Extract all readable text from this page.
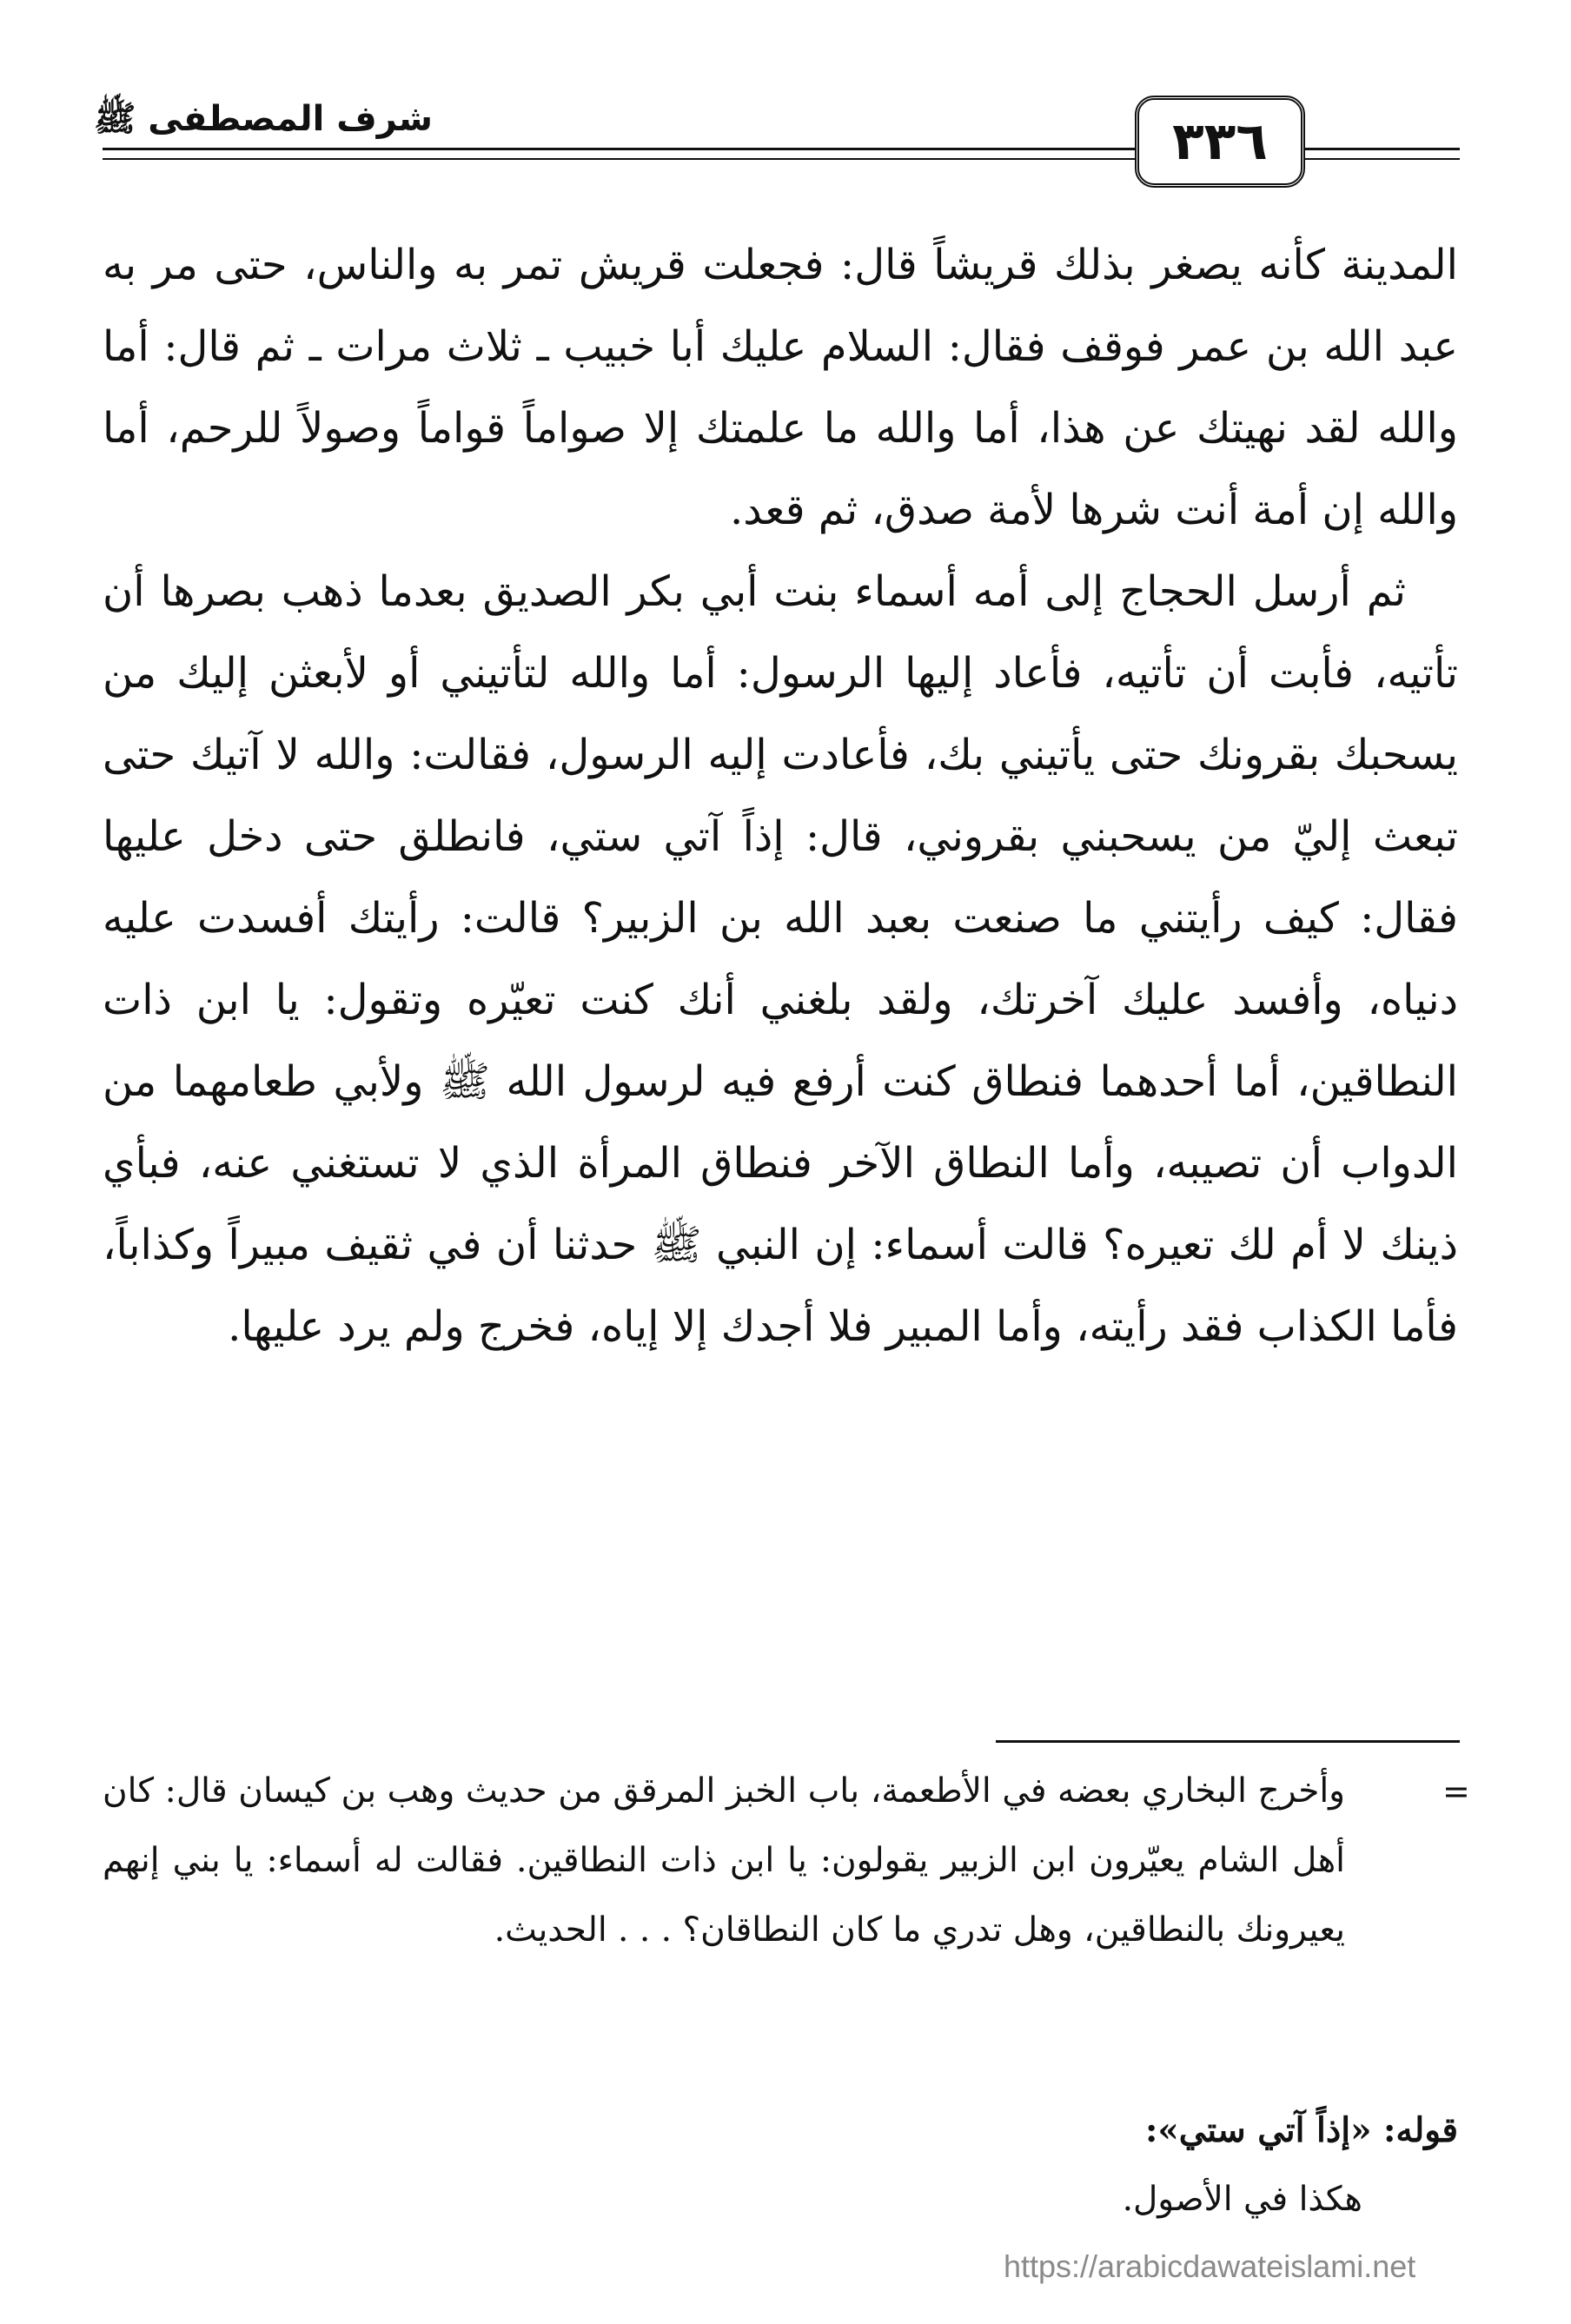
شرف المصطفى ﷺ	٣٣٦

المدينة كأنه يصغر بذلك قريشاً قال: فجعلت قريش تمر به والناس، حتى مر به عبد الله بن عمر فوقف فقال: السلام عليك أبا خبيب ـ ثلاث مرات ـ ثم قال: أما والله لقد نهيتك عن هذا، أما والله ما علمتك إلا صواماً قواماً وصولاً للرحم، أما والله إن أمة أنت شرها لأمة صدق، ثم قعد.

ثم أرسل الحجاج إلى أمه أسماء بنت أبي بكر الصديق بعدما ذهب بصرها أن تأتيه، فأبت أن تأتيه، فأعاد إليها الرسول: أما والله لتأتيني أو لأبعثن إليك من يسحبك بقرونك حتى يأتيني بك، فأعادت إليه الرسول، فقالت: والله لا آتيك حتى تبعث إليّ من يسحبني بقروني، قال: إذاً آتي ستي، فانطلق حتى دخل عليها فقال: كيف رأيتني ما صنعت بعبد الله بن الزبير؟ قالت: رأيتك أفسدت عليه دنياه، وأفسد عليك آخرتك، ولقد بلغني أنك كنت تعيّره وتقول: يا ابن ذات النطاقين، أما أحدهما فنطاق كنت أرفع فيه لرسول الله ﷺ ولأبي طعامهما من الدواب أن تصيبه، وأما النطاق الآخر فنطاق المرأة الذي لا تستغني عنه، فبأي ذينك لا أم لك تعيره؟ قالت أسماء: إن النبي ﷺ حدثنا أن في ثقيف مبيراً وكذاباً، فأما الكذاب فقد رأيته، وأما المبير فلا أجدك إلا إياه، فخرج ولم يرد عليها.

=
وأخرج البخاري بعضه في الأطعمة، باب الخبز المرقق من حديث وهب بن كيسان قال: كان أهل الشام يعيّرون ابن الزبير يقولون: يا ابن ذات النطاقين. فقالت له أسماء: يا بني إنهم يعيرونك بالنطاقين، وهل تدري ما كان النطاقان؟ . . . الحديث.
قوله: «إذاً آتي ستي»:
هكذا في الأصول.
https://arabicdawateislami.net
